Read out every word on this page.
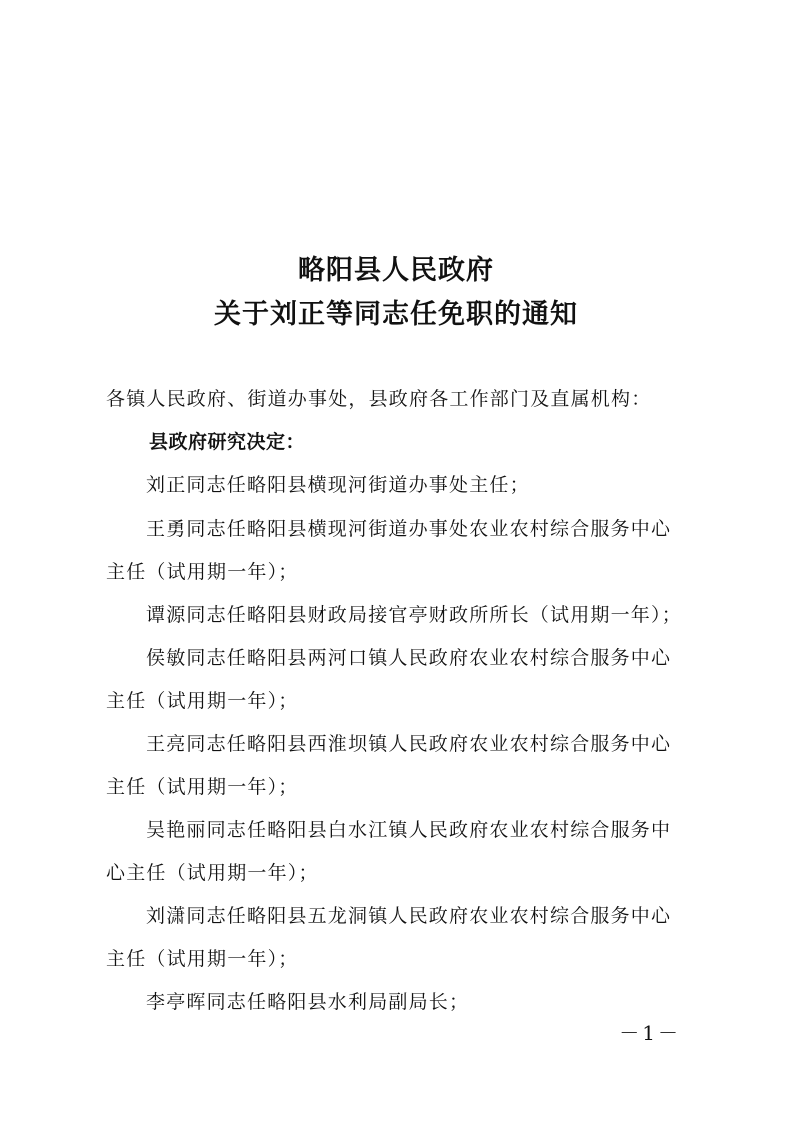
略阳县人民政府
关于刘正等同志任免职的通知
各镇人民政府、街道办事处，县政府各工作部门及直属机构：
县政府研究决定：
刘正同志任略阳县横现河街道办事处主任；
王勇同志任略阳县横现河街道办事处农业农村综合服务中心
主任（试用期一年）；
谭源同志任略阳县财政局接官亭财政所所长（试用期一年）；
侯敏同志任略阳县两河口镇人民政府农业农村综合服务中心
主任（试用期一年）；
王亮同志任略阳县西淮坝镇人民政府农业农村综合服务中心
主任（试用期一年）；
吴艳丽同志任略阳县白水江镇人民政府农业农村综合服务中
心主任（试用期一年）；
刘潇同志任略阳县五龙洞镇人民政府农业农村综合服务中心
主任（试用期一年）；
李亭晖同志任略阳县水利局副局长；
－1－
